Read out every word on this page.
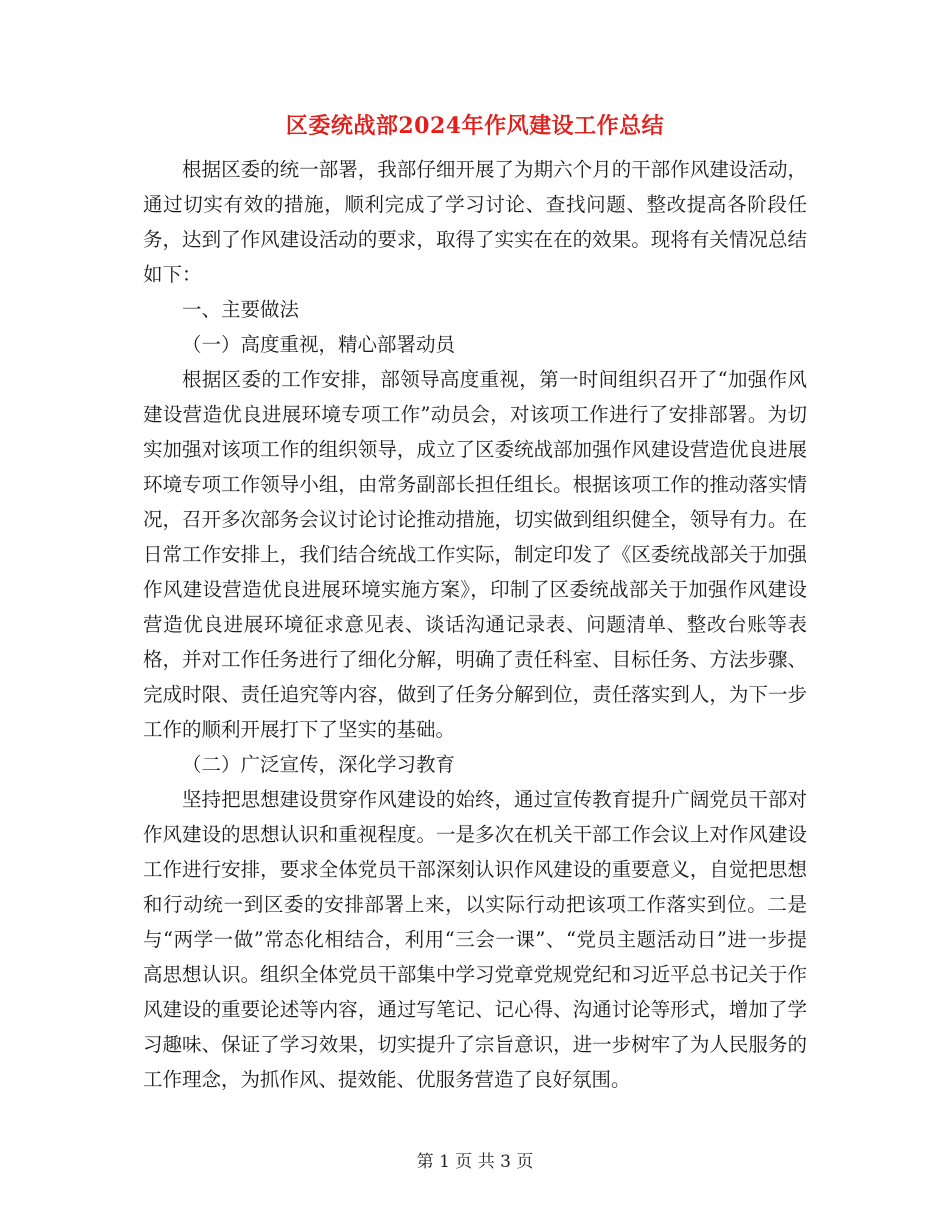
区委统战部2024年作风建设工作总结

根据区委的统一部署，我部仔细开展了为期六个月的干部作风建设活动，通过切实有效的措施，顺利完成了学习讨论、查找问题、整改提高各阶段任务，达到了作风建设活动的要求，取得了实实在在的效果。现将有关情况总结如下：

一、主要做法

（一）高度重视，精心部署动员

根据区委的工作安排，部领导高度重视，第一时间组织召开了“加强作风建设营造优良进展环境专项工作”动员会，对该项工作进行了安排部署。为切实加强对该项工作的组织领导，成立了区委统战部加强作风建设营造优良进展环境专项工作领导小组，由常务副部长担任组长。根据该项工作的推动落实情况，召开多次部务会议讨论讨论推动措施，切实做到组织健全，领导有力。在日常工作安排上，我们结合统战工作实际，制定印发了《区委统战部关于加强作风建设营造优良进展环境实施方案》，印制了区委统战部关于加强作风建设营造优良进展环境征求意见表、谈话沟通记录表、问题清单、整改台账等表格，并对工作任务进行了细化分解，明确了责任科室、目标任务、方法步骤、完成时限、责任追究等内容，做到了任务分解到位，责任落实到人，为下一步工作的顺利开展打下了坚实的基础。

（二）广泛宣传，深化学习教育

坚持把思想建设贯穿作风建设的始终，通过宣传教育提升广阔党员干部对作风建设的思想认识和重视程度。一是多次在机关干部工作会议上对作风建设工作进行安排，要求全体党员干部深刻认识作风建设的重要意义，自觉把思想和行动统一到区委的安排部署上来，以实际行动把该项工作落实到位。二是与“两学一做”常态化相结合，利用“三会一课”、“党员主题活动日”进一步提高思想认识。组织全体党员干部集中学习党章党规党纪和习近平总书记关于作风建设的重要论述等内容，通过写笔记、记心得、沟通讨论等形式，增加了学习趣味、保证了学习效果，切实提升了宗旨意识，进一步树牢了为人民服务的工作理念，为抓作风、提效能、优服务营造了良好氛围。

第 1 页 共 3 页
